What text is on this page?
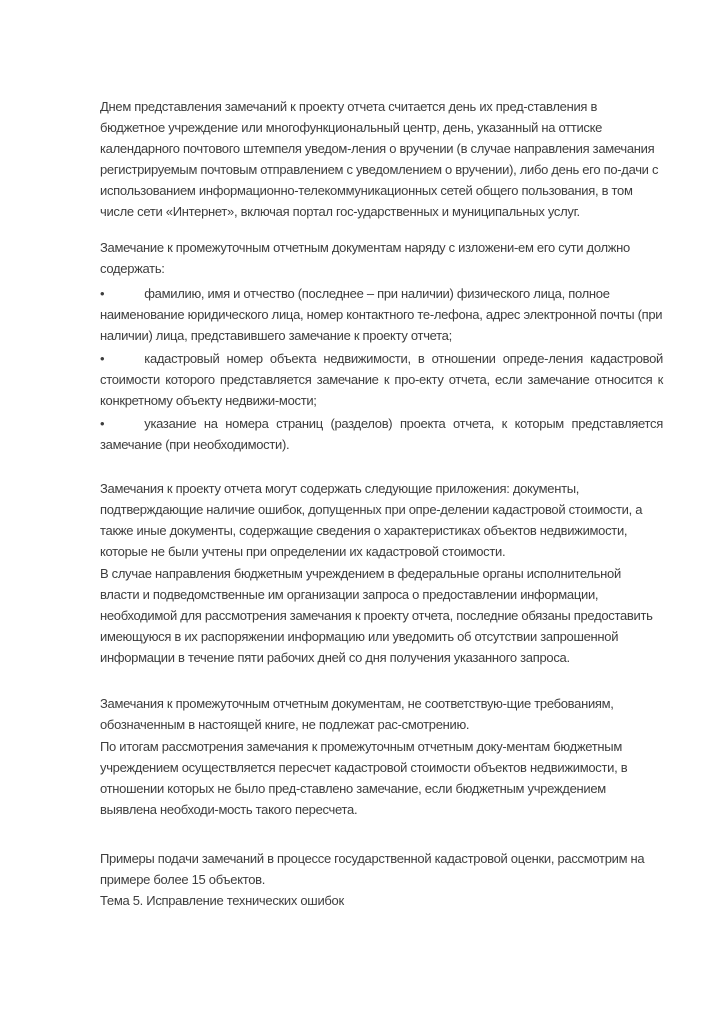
Днем представления замечаний к проекту отчета считается день их пред-ставления в бюджетное учреждение или многофункциональный центр, день, указанный на оттиске календарного почтового штемпеля уведом-ления о вручении (в случае направления замечания регистрируемым почтовым отправлением с уведомлением о вручении), либо день его по-дачи с использованием информационно-телекоммуникационных сетей общего пользования, в том числе сети «Интернет», включая портал гос-ударственных и муниципальных услуг.

Замечание к промежуточным отчетным документам наряду с изложени-ем его сути должно содержать:

•	фамилию, имя и отчество (последнее – при наличии) физического лица, полное наименование юридического лица, номер контактного те-лефона, адрес электронной почты (при наличии) лица, представившего замечание к проекту отчета;

•	кадастровый номер объекта недвижимости, в отношении опреде-ления кадастровой стоимости которого представляется замечание к про-екту отчета, если замечание относится к конкретному объекту недвижи-мости;

•	указание на номера страниц (разделов) проекта отчета, к которым представляется замечание (при необходимости).

Замечания к проекту отчета могут содержать следующие приложения: документы, подтверждающие наличие ошибок, допущенных при опре-делении кадастровой стоимости, а также иные документы, содержащие сведения о характеристиках объектов недвижимости, которые не были учтены при определении их кадастровой стоимости.

В случае направления бюджетным учреждением в федеральные органы исполнительной власти и подведомственные им организации запроса о предоставлении информации, необходимой для рассмотрения замечания к проекту отчета, последние обязаны предоставить имеющуюся в их распоряжении информацию или уведомить об отсутствии запрошенной информации в течение пяти рабочих дней со дня получения указанного запроса.

Замечания к промежуточным отчетным документам, не соответствую-щие требованиям, обозначенным в настоящей книге, не подлежат рас-смотрению.

По итогам рассмотрения замечания к промежуточным отчетным доку-ментам бюджетным учреждением осуществляется пересчет кадастровой стоимости объектов недвижимости, в отношении которых не было пред-ставлено замечание, если бюджетным учреждением выявлена необходи-мость такого пересчета.

Примеры подачи замечаний в процессе государственной кадастровой оценки, рассмотрим на примере более 15 объектов.

Тема 5. Исправление технических ошибок
